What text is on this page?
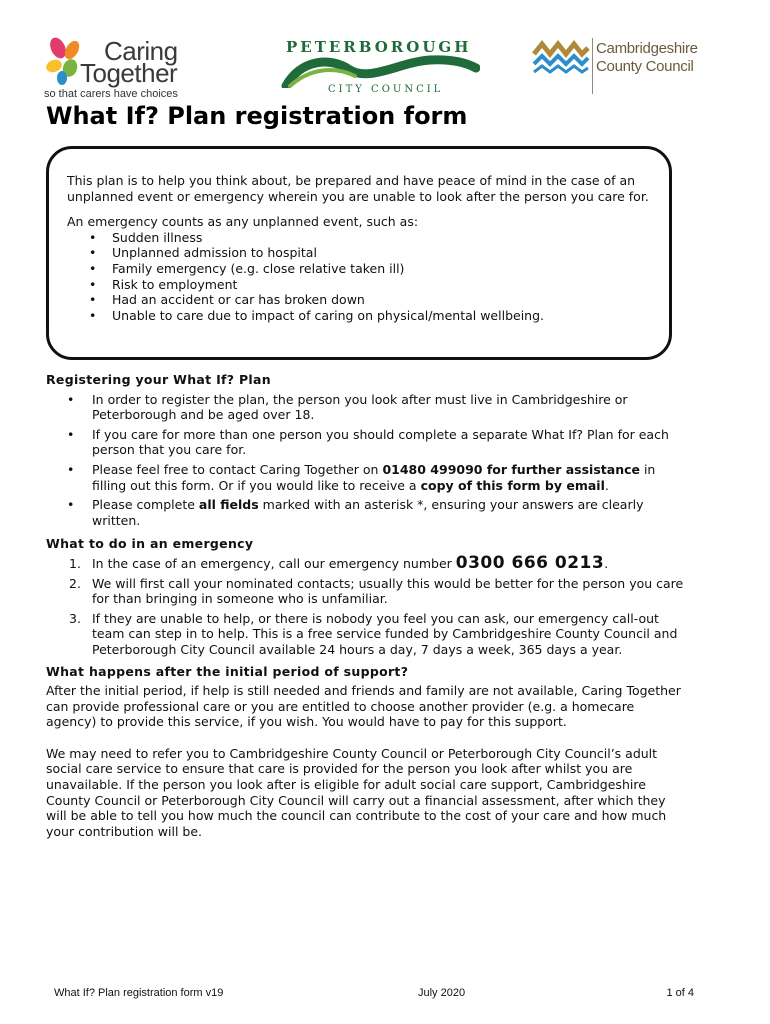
Caring
Together
so that carers have choices
PETERBOROUGH
CITY COUNCIL
Cambridgeshire
County Council
What If? Plan registration form

This plan is to help you think about, be prepared and have peace of mind in the case of an unplanned event or emergency wherein you are unable to look after the person you care for.

An emergency counts as any unplanned event, such as:

• Sudden illness
• Unplanned admission to hospital
• Family emergency (e.g. close relative taken ill)
• Risk to employment
• Had an accident or car has broken down
• Unable to care due to impact of caring on physical/mental wellbeing.
Registering your What If? Plan
• In order to register the plan, the person you look after must live in Cambridgeshire or Peterborough and be aged over 18.
• If you care for more than one person you should complete a separate What If? Plan for each person that you care for.
• Please feel free to contact Caring Together on 01480 499090 for further assistance in filling out this form. Or if you would like to receive a copy of this form by email.
• Please complete all fields marked with an asterisk *, ensuring your answers are clearly written.
What to do in an emergency
1. In the case of an emergency, call our emergency number 0300 666 0213.
2. We will first call your nominated contacts; usually this would be better for the person you care for than bringing in someone who is unfamiliar.
3. If they are unable to help, or there is nobody you feel you can ask, our emergency call-out team can step in to help. This is a free service funded by Cambridgeshire County Council and Peterborough City Council available 24 hours a day, 7 days a week, 365 days a year.
What happens after the initial period of support?

After the initial period, if help is still needed and friends and family are not available, Caring Together can provide professional care or you are entitled to choose another provider (e.g. a homecare agency) to provide this service, if you wish. You would have to pay for this support.

We may need to refer you to Cambridgeshire County Council or Peterborough City Council’s adult social care service to ensure that care is provided for the person you look after whilst you are unavailable. If the person you look after is eligible for adult social care support, Cambridgeshire County Council or Peterborough City Council will carry out a financial assessment, after which they will be able to tell you how much the council can contribute to the cost of your care and how much your contribution will be.

What If? Plan registration form v19	July 2020	1 of 4
